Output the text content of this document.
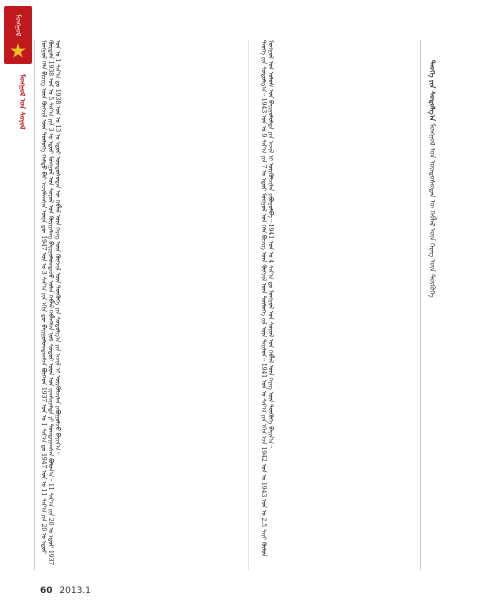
ᠮᠣᠩᠭᠣᠯ
ᠮᠣᠩᠭᠣᠯ ᠤᠨ ᠰᠣᠶᠣᠯ	ᠮᠣᠩᠭᠣᠯ ᠬᠡᠯᠡ ᠪᠢᠴᠢᠭ ᠦᠨ ᠬᠥᠭᠵᠢᠯ ᠦᠨ ᠲᠥᠯᠦᠭᠡ ᠬᠠᠮᠲᠤ ᠪᠡᠷ ᠠᠵᠢᠯᠯᠠᠭᠰᠠᠨ ᠦᠶᠡ ᠳᠦ 1947 ᠣᠨ ᠤ 3 ᠰᠠᠷ᠎ᠠ ᠶᠢᠨ ᠡᠬᠢᠨ ᠳᠦ ᠪᠠᠶᠢᠭᠤᠯᠤᠭᠳᠠᠭᠰᠠᠨ ᠪᠥᠭᠡᠳ 1937 ᠣᠨ ᠤ 1 ᠰᠠᠷ᠎ᠠ ᠳᠤ 1947 ᠣᠨ ᠤ 11 ᠰᠠᠷ᠎ᠠ ᠶᠢᠨ 20 ᠤ ᠡᠳᠦᠷ ᠬᠦᠷᠲᠡᠯᠡ 1938 ᠣᠨ ᠤ 5 ᠰᠠᠷ᠎ᠠ ᠶᠢᠨ 3 ᠤ ᠡᠳᠦᠷ ᠮᠣᠩᠭᠣᠯ ᠤᠨ ᠰᠣᠶᠣᠯ ᠤᠨ ᠬᠦᠷᠢᠶᠡᠯᠡᠩ ᠪᠠᠶᠢᠭᠤᠯᠤᠭᠳᠠᠵᠤ ᠣᠯᠠᠨ ᠬᠡᠪᠯᠡᠯ ᠬᠡᠪᠯᠡᠭᠰᠡᠨ ᠨᠣᠮ ᠰᠤᠳᠤᠷ ᠤᠳ ᠤᠨ ᠵᠢᠭᠰᠠᠭᠠᠯᠲᠠ ᠶᠢ ᠲᠣᠭᠲᠠᠭᠠᠭᠰᠠᠨ ᠪᠣᠯᠤᠨ᠎ᠠ᠃ 11 ᠰᠠᠷ᠎ᠠ ᠶᠢᠨ 20 ᠤ ᠡᠳᠦᠷ 1937 ᠣᠨ ᠤ 1 ᠰᠠᠷ᠎ᠠ ᠳᠤ 1938 ᠣᠨ ᠤ 13 ᠤ ᠡᠳᠦᠷ ᠦᠨᠳᠦᠰᠦᠲᠡᠨ ᠦ ᠬᠡᠪᠯᠡᠯ ᠦᠨ ᠬᠡᠷᠡᠭ ᠦᠨ ᠬᠥᠭᠵᠢᠯ ᠦᠨ ᠲᠦᠭᠦᠬᠡ ᠶᠢᠨ ᠰᠤᠳᠤᠯᠭ᠎ᠠ ᠶᠢᠨ ᠠᠵᠢᠯ ᠢ ᠦᠷᠭᠦᠯᠵᠢᠯᠡᠨ ᠶᠠᠪᠤᠭᠤᠯᠵᠤ ᠪᠠᠶᠢᠨ᠎ᠠ᠃	ᠲᠡᠤᠬᠡ ᠶᠢᠨ ᠰᠤᠳᠤᠯᠭ᠎ᠠ᠃ 1943 ᠣᠨ ᠤ 9 ᠰᠠᠷ᠎ᠠ ᠶᠢᠨ 7 ᠤ ᠡᠳᠦᠷ ᠮᠣᠩᠭᠣᠯ ᠤᠨ ᠬᠡᠯᠡ ᠪᠢᠴᠢᠭ ᠦᠨ ᠬᠥᠭᠵᠢᠯ ᠦᠨ ᠲᠥᠯᠦᠭᠡ ᠵᠢᠯ ᠦᠨ ᠲᠠᠶᠢᠯᠤᠨ᠃ 1941 ᠣᠨ ᠤ ᠰᠠᠷ᠎ᠠ ᠶᠢᠨ ᠡᠬᠢᠨ ᠡᠴᠡ 1942 ᠣᠨ ᠤ 1943 ᠣᠨ ᠤ 2.5 ᠰᠠᠶ᠋ᠢ ᠬᠦᠮᠦᠨ ᠮᠣᠩᠭᠣᠯ ᠤᠨ ᠤᠯᠤᠰ ᠤᠨ ᠪᠠᠶᠢᠭᠤᠯᠤᠯᠲᠠ ᠶᠢᠨ ᠠᠵᠢᠯ ᠢ ᠦᠷᠭᠦᠯᠵᠢᠯᠡᠨ ᠶᠠᠪᠤᠭᠤᠯᠪᠠ᠃ 1941 ᠣᠨ ᠤ 4 ᠰᠠᠷ᠎ᠠ ᠳᠤ ᠮᠣᠩᠭᠣᠯ ᠤᠨ ᠰᠣᠶᠣᠯ ᠤᠨ ᠬᠡᠪᠯᠡᠯ ᠦᠨ ᠬᠡᠷᠡᠭ ᠦᠨ ᠲᠦᠭᠦᠬᠡ ᠪᠠᠶᠢᠨ᠎ᠠ᠃	ᠲᠡᠤᠬᠡ ᠶᠢᠨ ᠰᠤᠳᠤᠯᠭ᠎ᠠ ᠮᠣᠩᠭᠣᠯ ᠤᠨ ᠦᠨᠳᠦᠰᠦᠲᠡᠨ ᠦ ᠬᠡᠪᠯᠡᠯ ᠦᠨ ᠬᠡᠷᠡᠭ ᠦᠨ ᠲᠦᠭᠦᠬᠡ
60 2013.1
